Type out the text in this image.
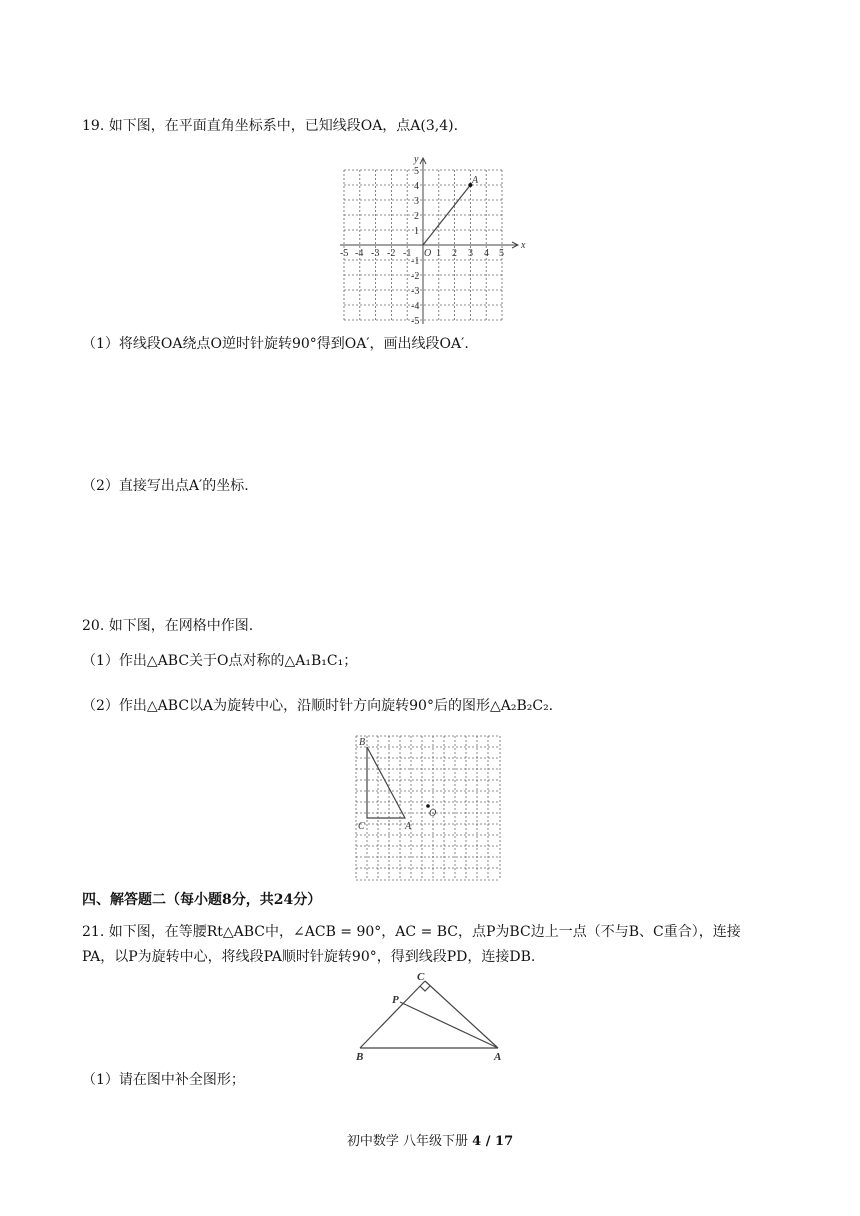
19. 如下图，在平面直角坐标系中，已知线段OA，点A(3,4).
x
y
O
A
-5 -4 -3 -2 -1 1 2 3 4 5
5
4
3
2
1
-1
-2
-3
-4
-5
（1）将线段OA绕点O逆时针旋转90°得到OA′，画出线段OA′.
（2）直接写出点A′的坐标.
20. 如下图，在网格中作图.
（1）作出△ABC关于O点对称的△A₁B₁C₁；
（2）作出△ABC以A为旋转中心，沿顺时针方向旋转90°后的图形△A₂B₂C₂.
B
C	A
O
四、解答题二（每小题8分，共24分）
21. 如下图，在等腰Rt△ABC中，∠ACB = 90°，AC = BC，点P为BC边上一点（不与B、C重合），连接
PA，以P为旋转中心，将线段PA顺时针旋转90°，得到线段PD，连接DB.
C
P
B	A
（1）请在图中补全图形；
初中数学 八年级下册 4 / 17
